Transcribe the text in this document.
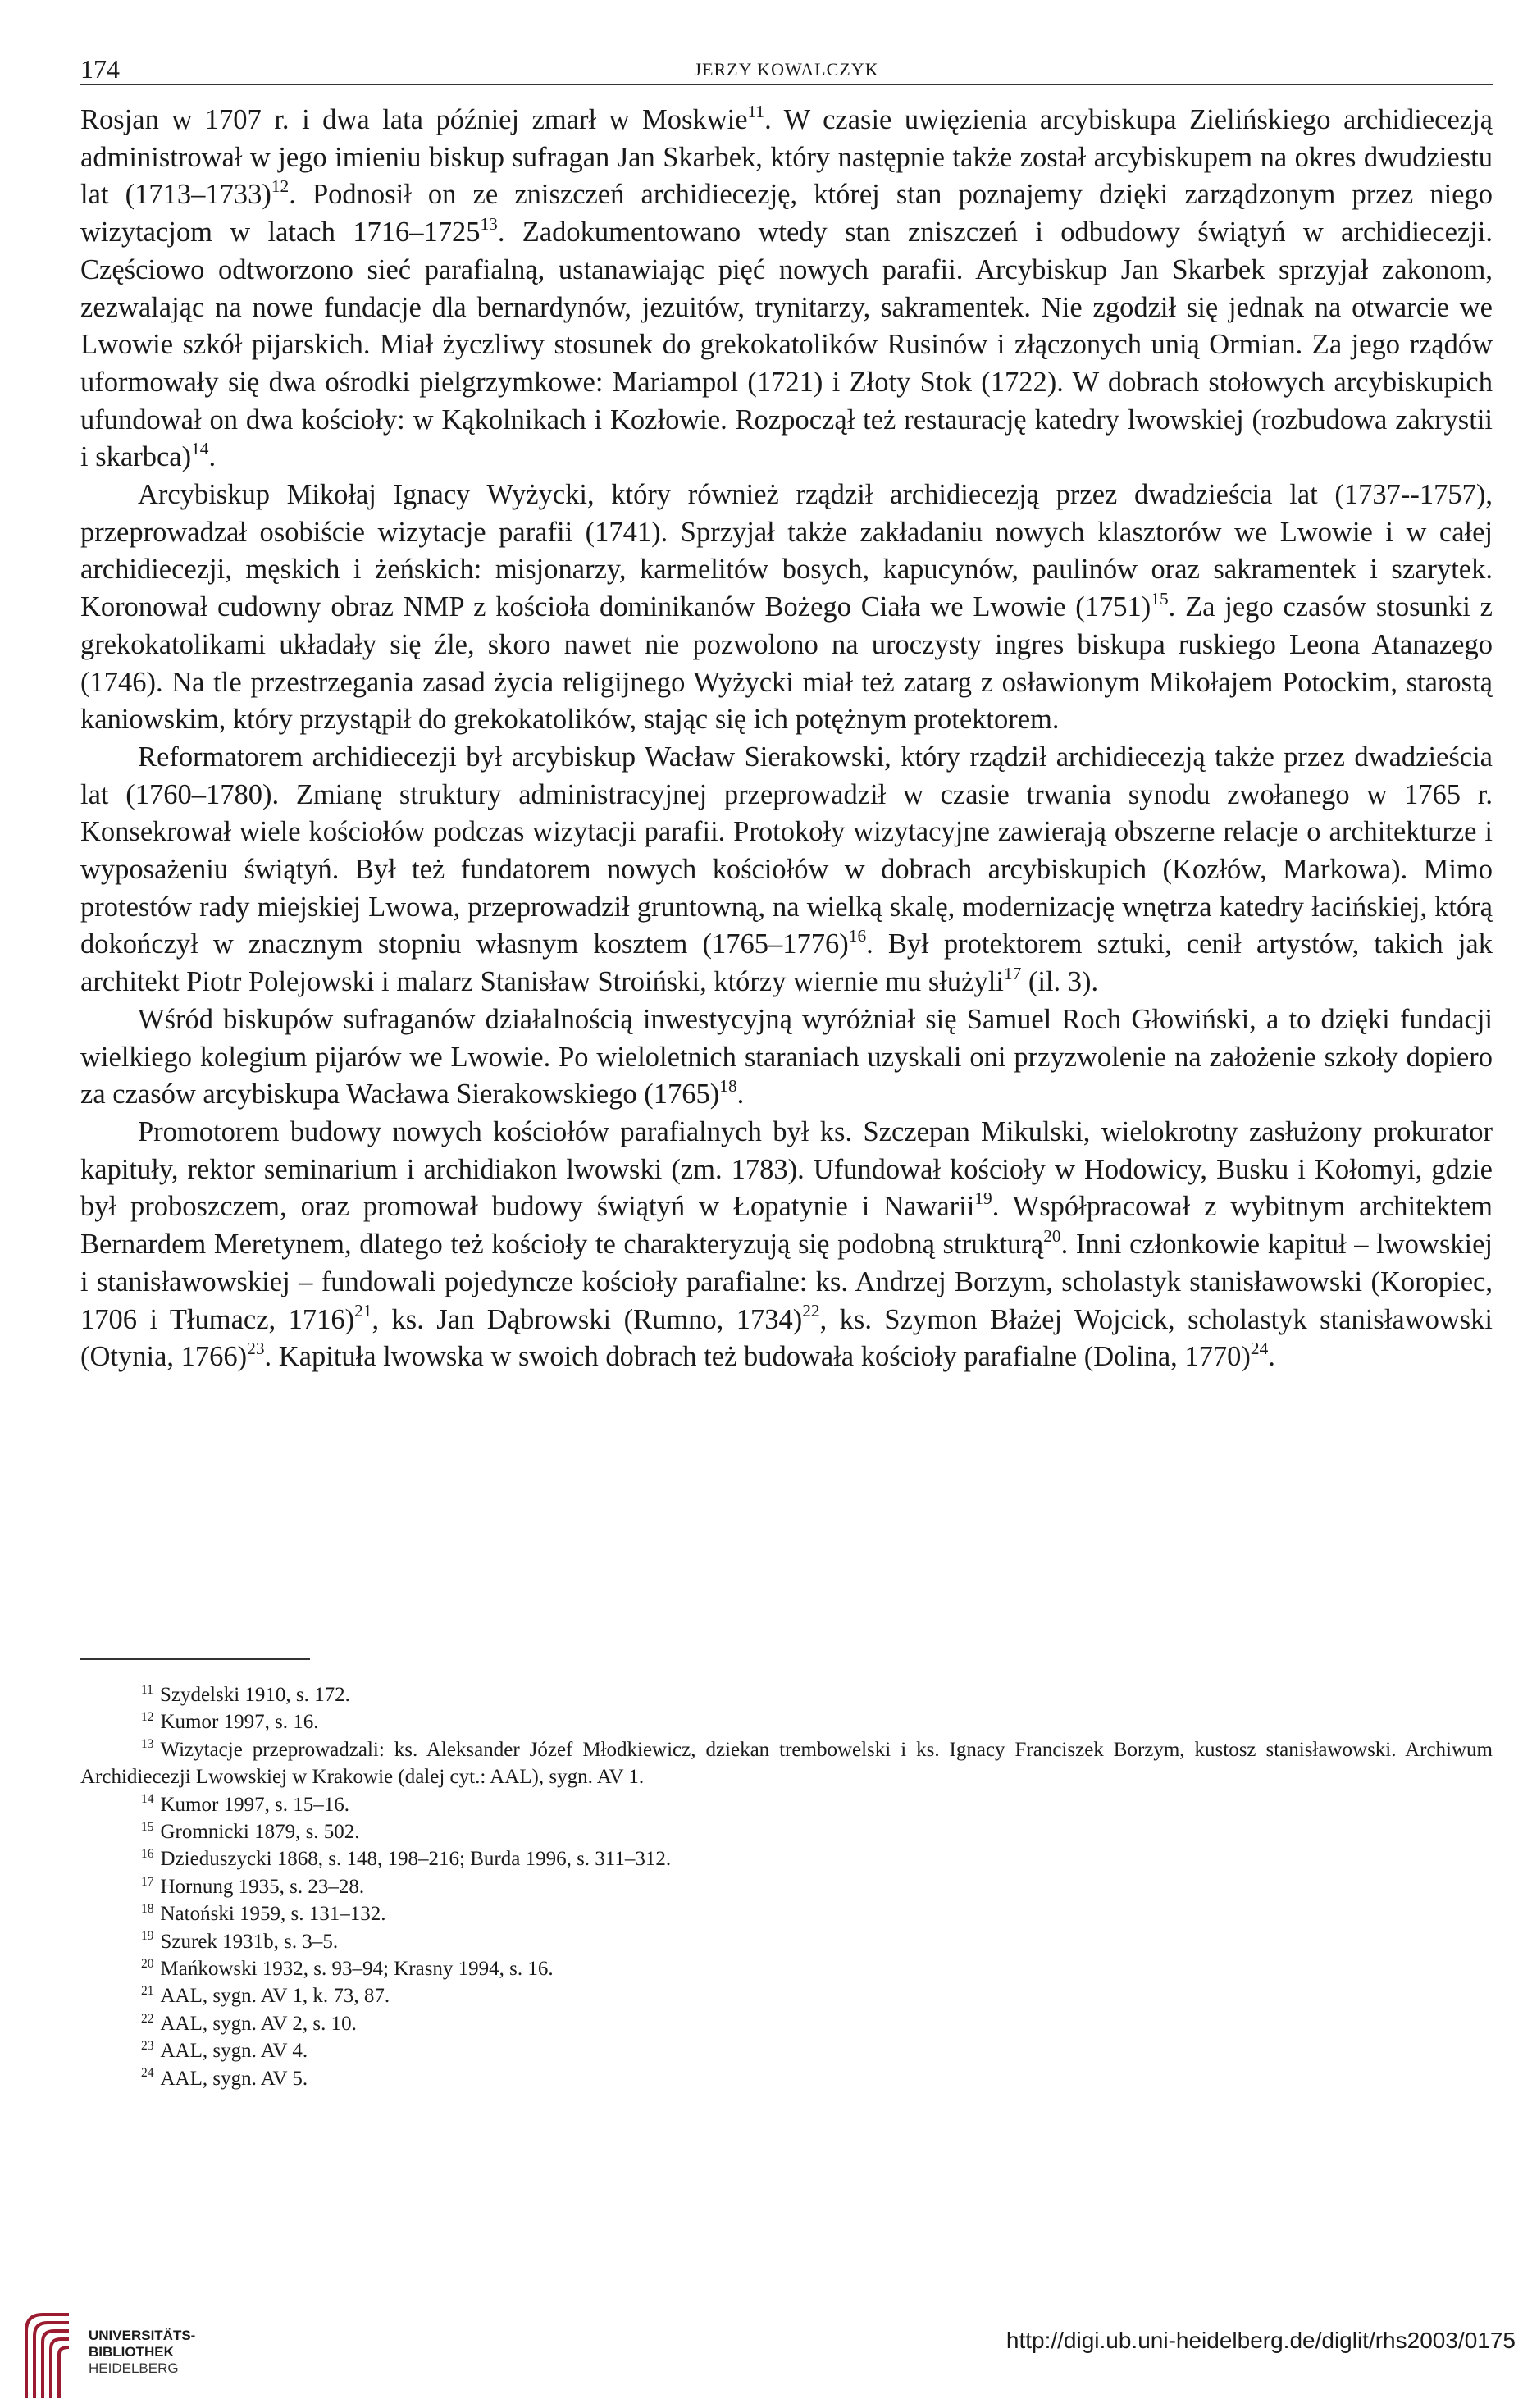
174	JERZY KOWALCZYK

Rosjan w 1707 r. i dwa lata później zmarł w Moskwie$^{11}$. W czasie uwięzienia arcybiskupa Zielińskiego archidiecezją administrował w jego imieniu biskup sufragan Jan Skarbek, który następnie także został arcybiskupem na okres dwudziestu lat (1713–1733)$^{12}$. Podnosił on ze zniszczeń archidiecezję, której stan poznajemy dzięki zarządzonym przez niego wizytacjom w latach 1716–1725$^{13}$. Zadokumentowano wtedy stan zniszczeń i odbudowy świątyń w archidiecezji. Częściowo odtworzono sieć parafialną, ustanawiając pięć nowych parafii. Arcybiskup Jan Skarbek sprzyjał zakonom, zezwalając na nowe fundacje dla bernardynów, jezuitów, trynitarzy, sakramentek. Nie zgodził się jednak na otwarcie we Lwowie szkół pijarskich. Miał życzliwy stosunek do grekokatolików Rusinów i złączonych unią Ormian. Za jego rządów uformowały się dwa ośrodki pielgrzymkowe: Mariampol (1721) i Złoty Stok (1722). W dobrach stołowych arcybiskupich ufundował on dwa kościoły: w Kąkolnikach i Kozłowie. Rozpoczął też restaurację katedry lwowskiej (rozbudowa zakrystii i skarbca)$^{14}$.

Arcybiskup Mikołaj Ignacy Wyżycki, który również rządził archidiecezją przez dwadzieścia lat (1737--1757), przeprowadzał osobiście wizytacje parafii (1741). Sprzyjał także zakładaniu nowych klasztorów we Lwowie i w całej archidiecezji, męskich i żeńskich: misjonarzy, karmelitów bosych, kapucynów, paulinów oraz sakramentek i szarytek. Koronował cudowny obraz NMP z kościoła dominikanów Bożego Ciała we Lwowie $(1751)^{15}$. Za jego czasów stosunki z grekokatolikami układały się źle, skoro nawet nie pozwolono na uroczysty ingres biskupa ruskiego Leona Atanazego (1746). Na tle przestrzegania zasad życia religijnego Wyżycki miał też zatarg z osławionym Mikołajem Potockim, starostą kaniowskim, który przystąpił do grekokatolików, stając się ich potężnym protektorem.

Reformatorem archidiecezji był arcybiskup Wacław Sierakowski, który rządził archidiecezją także przez dwadzieścia lat (1760–1780). Zmianę struktury administracyjnej przeprowadził w czasie trwania synodu zwołanego w 1765 r. Konsekrował wiele kościołów podczas wizytacji parafii. Protokoły wizytacyjne zawierają obszerne relacje o architekturze i wyposażeniu świątyń. Był też fundatorem nowych kościołów w dobrach arcybiskupich (Kozłów, Markowa). Mimo protestów rady miejskiej Lwowa, przeprowadził gruntowną, na wielką skalę, modernizację wnętrza katedry łacińskiej, którą dokończył w znacznym stopniu własnym kosztem (1765–1776)$^{16}$. Był protektorem sztuki, cenił artystów, takich jak architekt Piotr Polejowski i malarz Stanisław Stroiński, którzy wiernie mu służyli$^{17}$ (il. 3).

Wśród biskupów sufraganów działalnością inwestycyjną wyróżniał się Samuel Roch Głowiński, a to dzięki fundacji wielkiego kolegium pijarów we Lwowie. Po wieloletnich staraniach uzyskali oni przyzwolenie na założenie szkoły dopiero za czasów arcybiskupa Wacława Sierakowskiego $(1765)^{18}$.

Promotorem budowy nowych kościołów parafialnych był ks. Szczepan Mikulski, wielokrotny zasłużony prokurator kapituły, rektor seminarium i archidiakon lwowski (zm. 1783). Ufundował kościoły w Hodowicy, Busku i Kołomyi, gdzie był proboszczem, oraz promował budowy świątyń w Łopatynie i Nawarii$^{19}$. Współpracował z wybitnym architektem Bernardem Meretynem, dlatego też kościoły te charakteryzują się podobną strukturą$^{20}$. Inni członkowie kapituł – lwowskiej i stanisławowskiej – fundowali pojedyncze kościoły parafialne: ks. Andrzej Borzym, scholastyk stanisławowski (Koropiec, 1706 i Tłumacz, 1716)$^{21}$, ks. Jan Dąbrowski (Rumno, 1734)$^{22}$, ks. Szymon Błażej Wojcick, scholastyk stanisławowski (Otynia, 1766)$^{23}$. Kapituła lwowska w swoich dobrach też budowała kościoły parafialne (Dolina, 1770)$^{24}$.

$^{11}$ Szydelski 1910, s. 172.

$^{12}$ Kumor 1997, s. 16.

$^{13}$ Wizytacje przeprowadzali: ks. Aleksander Józef Młodkiewicz, dziekan trembowelski i ks. Ignacy Franciszek Borzym, kustosz stanisławowski. Archiwum Archidiecezji Lwowskiej w Krakowie (dalej cyt.: AAL), sygn. AV 1.

$^{14}$ Kumor 1997, s. 15–16.

$^{15}$ Gromnicki 1879, s. 502.

$^{16}$ Dzieduszycki 1868, s. 148, 198–216; Burda 1996, s. 311–312.

$^{17}$ Hornung 1935, s. 23–28.

$^{18}$ Natoński 1959, s. 131–132.

$^{19}$ Szurek 1931b, s. 3–5.

$^{20}$ Mańkowski 1932, s. 93–94; Krasny 1994, s. 16.

$^{21}$ AAL, sygn. AV 1, k. 73, 87.

$^{22}$ AAL, sygn. AV 2, s. 10.

$^{23}$ AAL, sygn. AV 4.

$^{24}$ AAL, sygn. AV 5.

UNIVERSITÄTS-
BIBLIOTHEK
HEIDELBERG
http://digi.ub.uni-heidelberg.de/diglit/rhs2003/0175
